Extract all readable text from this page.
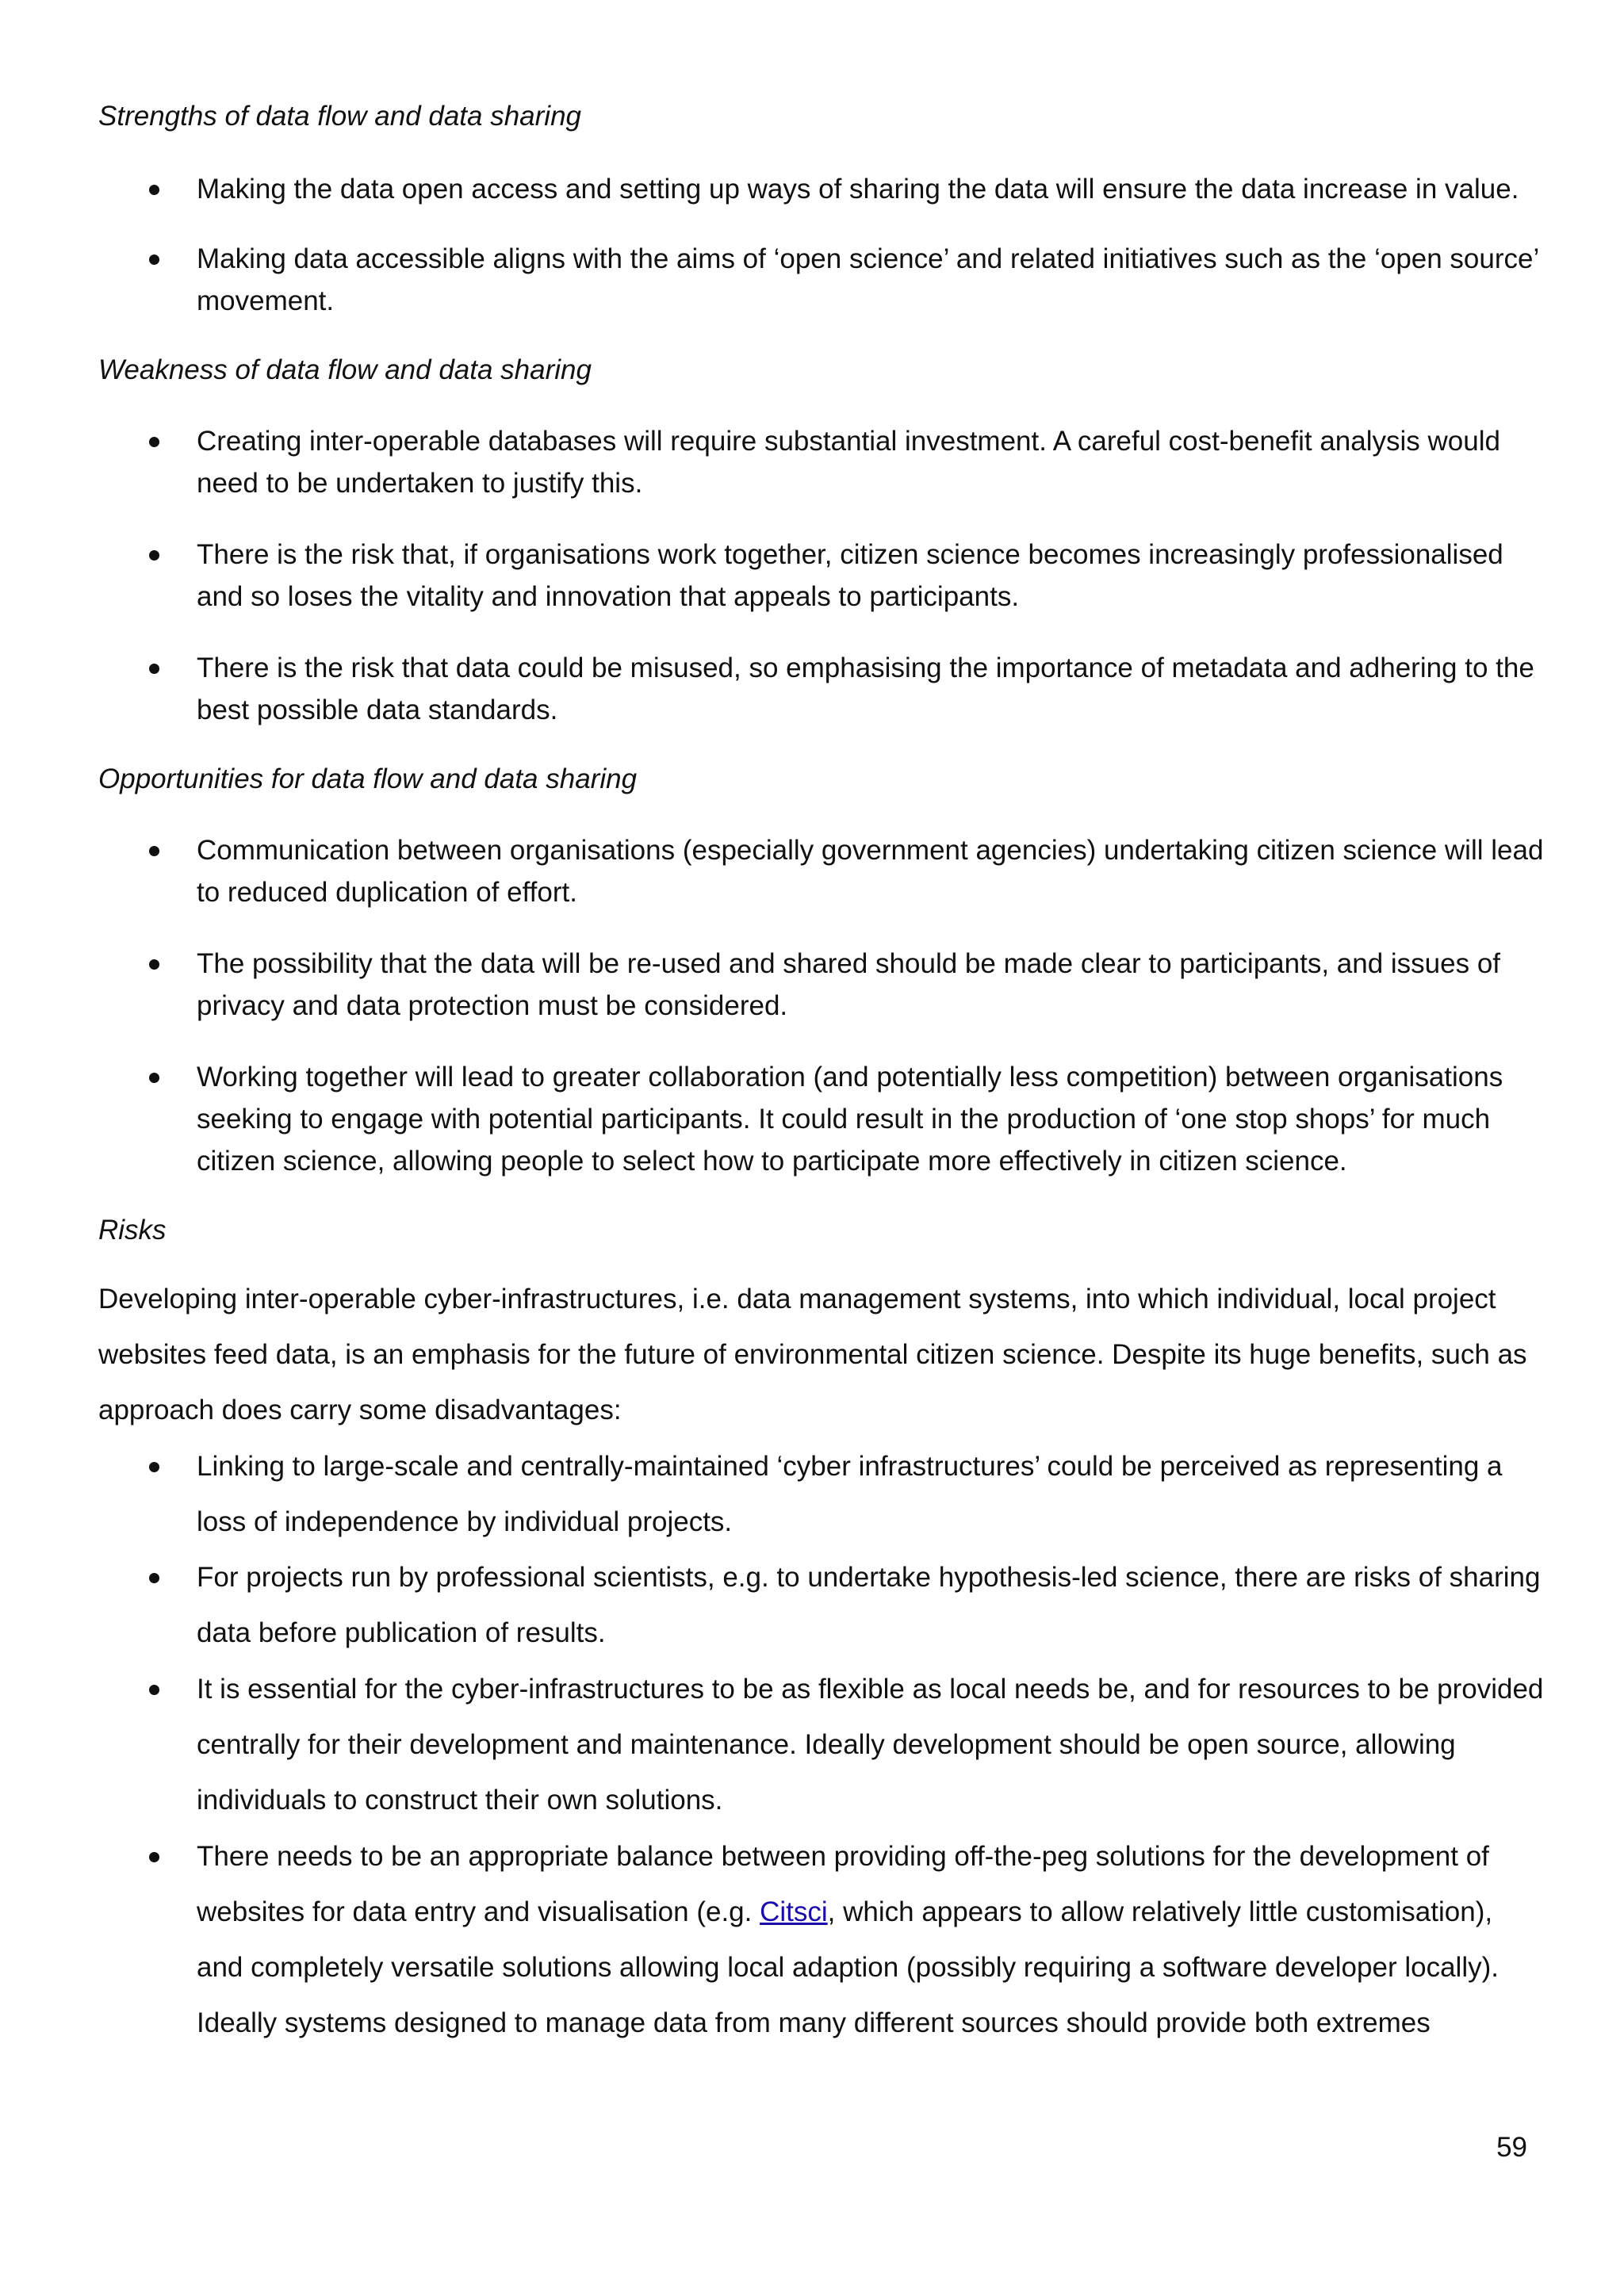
Strengths of data flow and data sharing

Making the data open access and setting up ways of sharing the data will ensure the data increase in value.

Making data accessible aligns with the aims of ‘open science’ and related initiatives such as the ‘open source’ movement.

Weakness of data flow and data sharing

Creating inter-operable databases will require substantial investment. A careful cost-benefit analysis would need to be undertaken to justify this.

There is the risk that, if organisations work together, citizen science becomes increasingly professionalised and so loses the vitality and innovation that appeals to participants.

There is the risk that data could be misused, so emphasising the importance of metadata and adhering to the best possible data standards.

Opportunities for data flow and data sharing

Communication between organisations (especially government agencies) undertaking citizen science will lead to reduced duplication of effort.

The possibility that the data will be re-used and shared should be made clear to participants, and issues of privacy and data protection must be considered.

Working together will lead to greater collaboration (and potentially less competition) between organisations seeking to engage with potential participants. It could result in the production of ‘one stop shops’ for much citizen science, allowing people to select how to participate more effectively in citizen science.

Risks

Developing inter-operable cyber-infrastructures, i.e. data management systems, into which individual, local project websites feed data, is an emphasis for the future of environmental citizen science. Despite its huge benefits, such as approach does carry some disadvantages:

Linking to large-scale and centrally-maintained ‘cyber infrastructures’ could be perceived as representing a loss of independence by individual projects.

For projects run by professional scientists, e.g. to undertake hypothesis-led science, there are risks of sharing data before publication of results.

It is essential for the cyber-infrastructures to be as flexible as local needs be, and for resources to be provided centrally for their development and maintenance. Ideally development should be open source, allowing individuals to construct their own solutions.

There needs to be an appropriate balance between providing off-the-peg solutions for the development of websites for data entry and visualisation (e.g. Citsci, which appears to allow relatively little customisation), and completely versatile solutions allowing local adaption (possibly requiring a software developer locally). Ideally systems designed to manage data from many different sources should provide both extremes

59
